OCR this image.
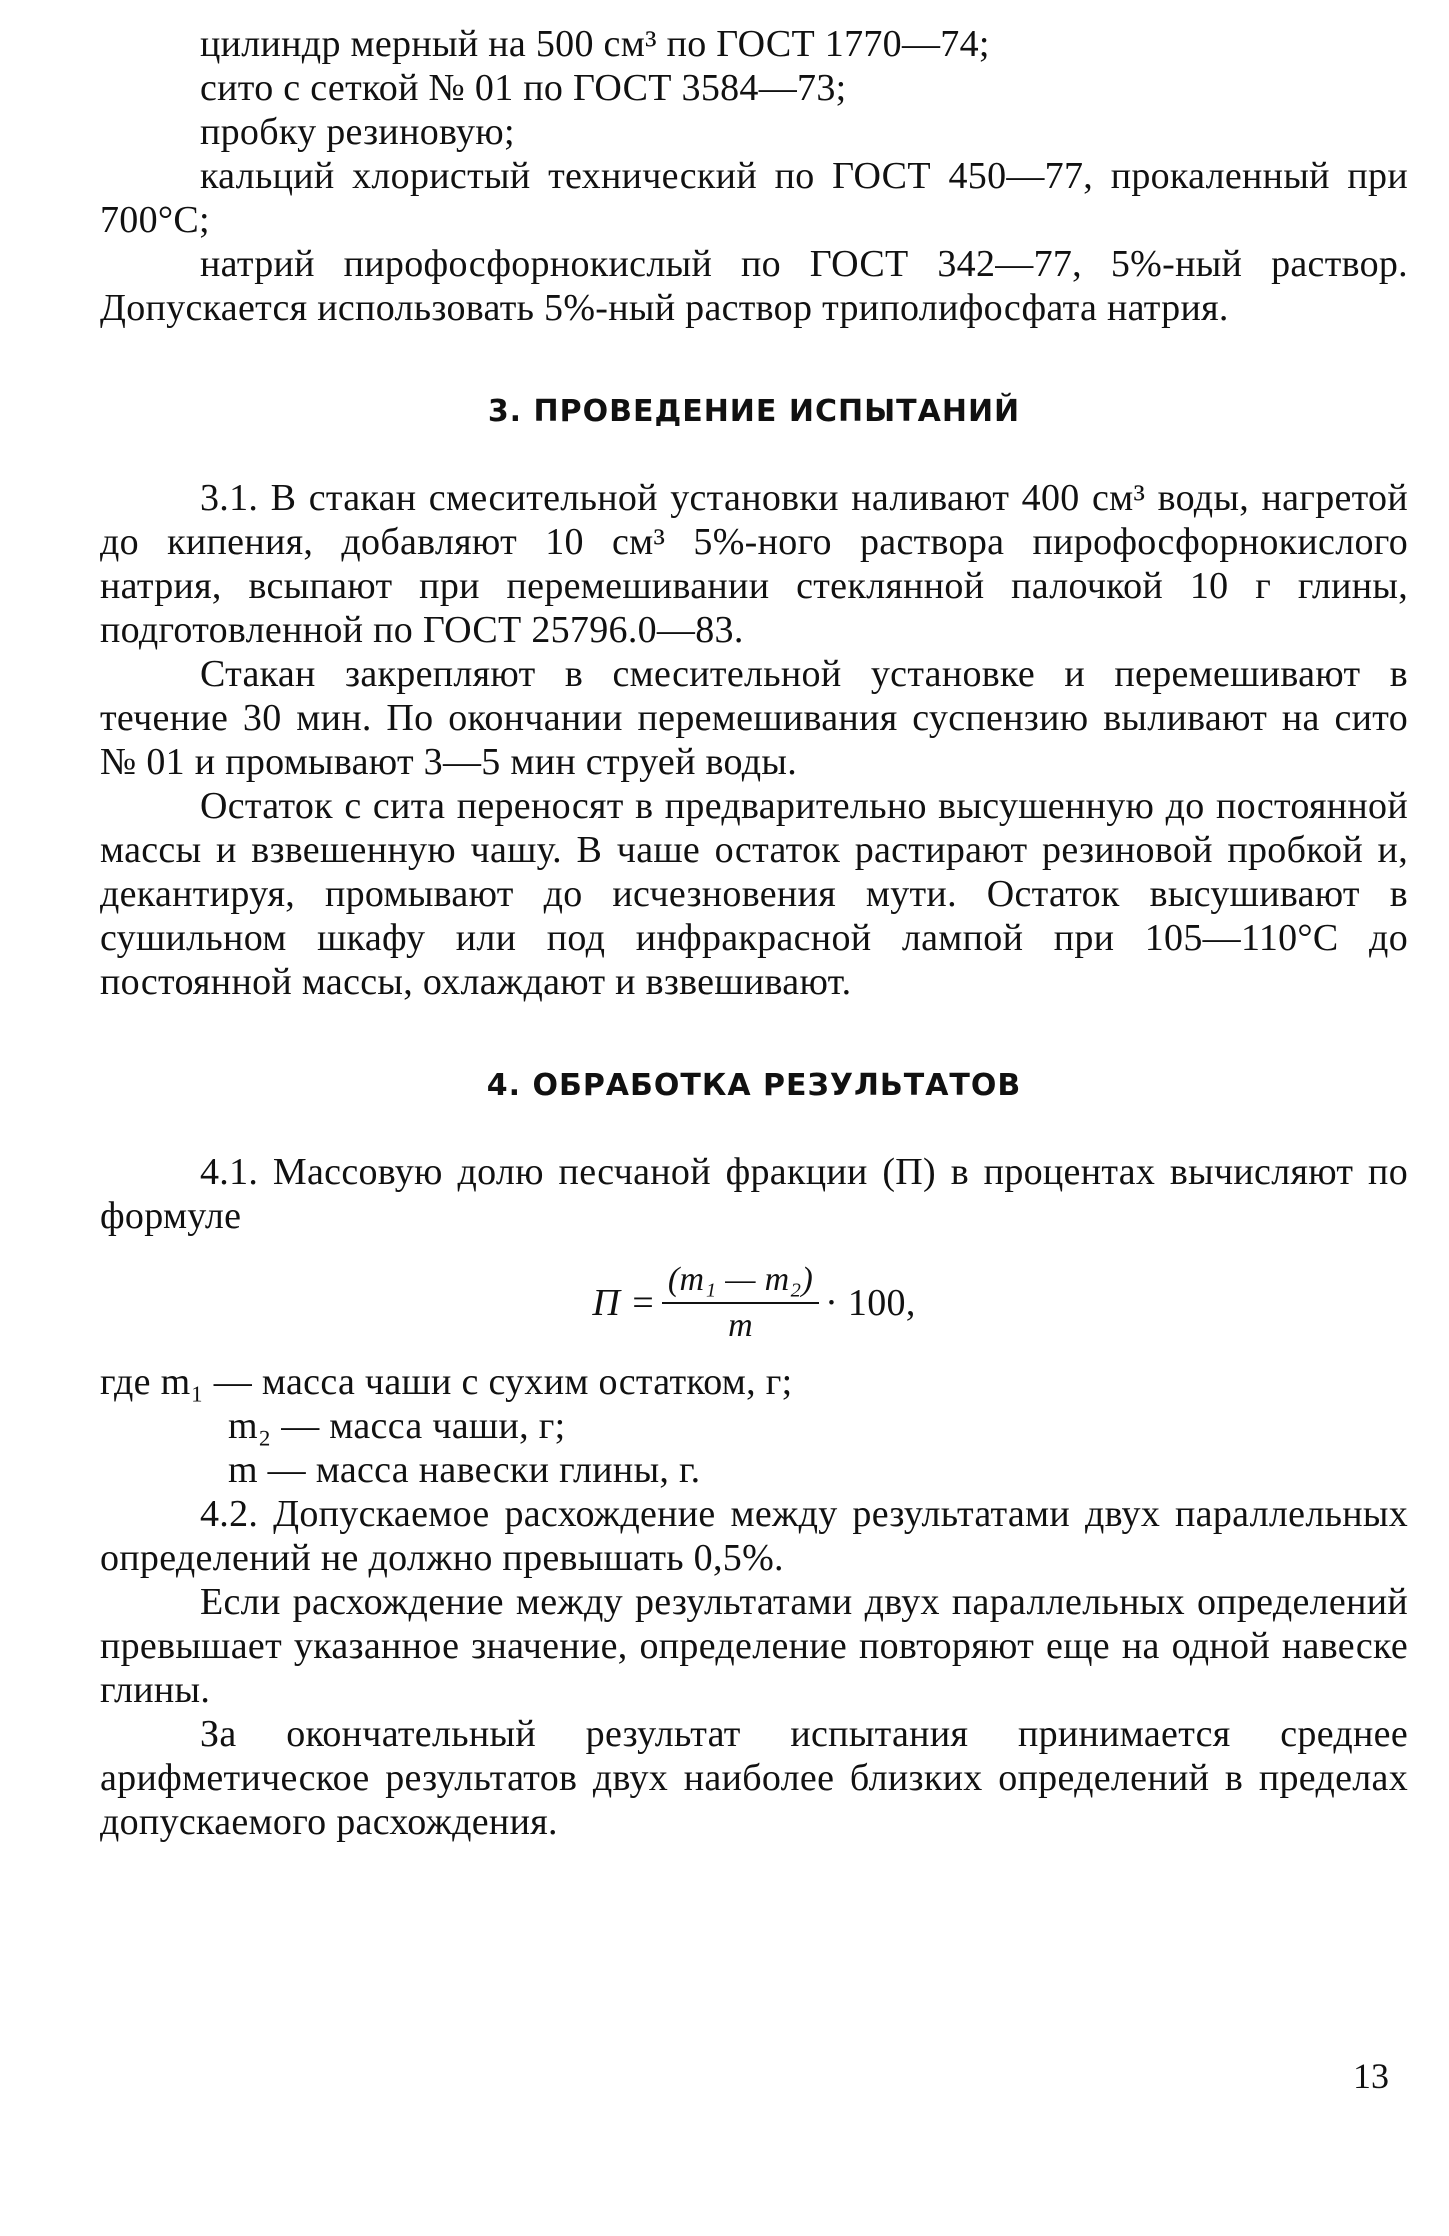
цилиндр мерный на 500 см³ по ГОСТ 1770—74;

сито с сеткой № 01 по ГОСТ 3584—73;

пробку резиновую;

кальций хлористый технический по ГОСТ 450—77, прокаленный при 700°С;

натрий пирофосфорнокислый по ГОСТ 342—77, 5%-ный раствор. Допускается использовать 5%-ный раствор триполифосфата натрия.

3. ПРОВЕДЕНИЕ ИСПЫТАНИЙ

3.1. В стакан смесительной установки наливают 400 см³ воды, нагретой до кипения, добавляют 10 см³ 5%-ного раствора пирофосфорнокислого натрия, всыпают при перемешивании стеклянной палочкой 10 г глины, подготовленной по ГОСТ 25796.0—83.

Стакан закрепляют в смесительной установке и перемешивают в течение 30 мин. По окончании перемешивания суспензию выливают на сито № 01 и промывают 3—5 мин струей воды.

Остаток с сита переносят в предварительно высушенную до постоянной массы и взвешенную чашу. В чаше остаток растирают резиновой пробкой и, декантируя, промывают до исчезновения мути. Остаток высушивают в сушильном шкафу или под инфракрасной лампой при 105—110°С до постоянной массы, охлаждают и взвешивают.

4. ОБРАБОТКА РЕЗУЛЬТАТОВ

4.1. Массовую долю песчаной фракции (П) в процентах вычисляют по формуле

$П = \frac{\text{(m₁ — m₂)}}{m} \cdot 100$,

где m₁ — масса чаши с сухим остатком, г;

m₂ — масса чаши, г;

m — масса навески глины, г.

4.2. Допускаемое расхождение между результатами двух параллельных определений не должно превышать 0,5%.

Если расхождение между результатами двух параллельных определений превышает указанное значение, определение повторяют еще на одной навеске глины.

За окончательный результат испытания принимается среднее арифметическое результатов двух наиболее близких определений в пределах допускаемого расхождения.

13
